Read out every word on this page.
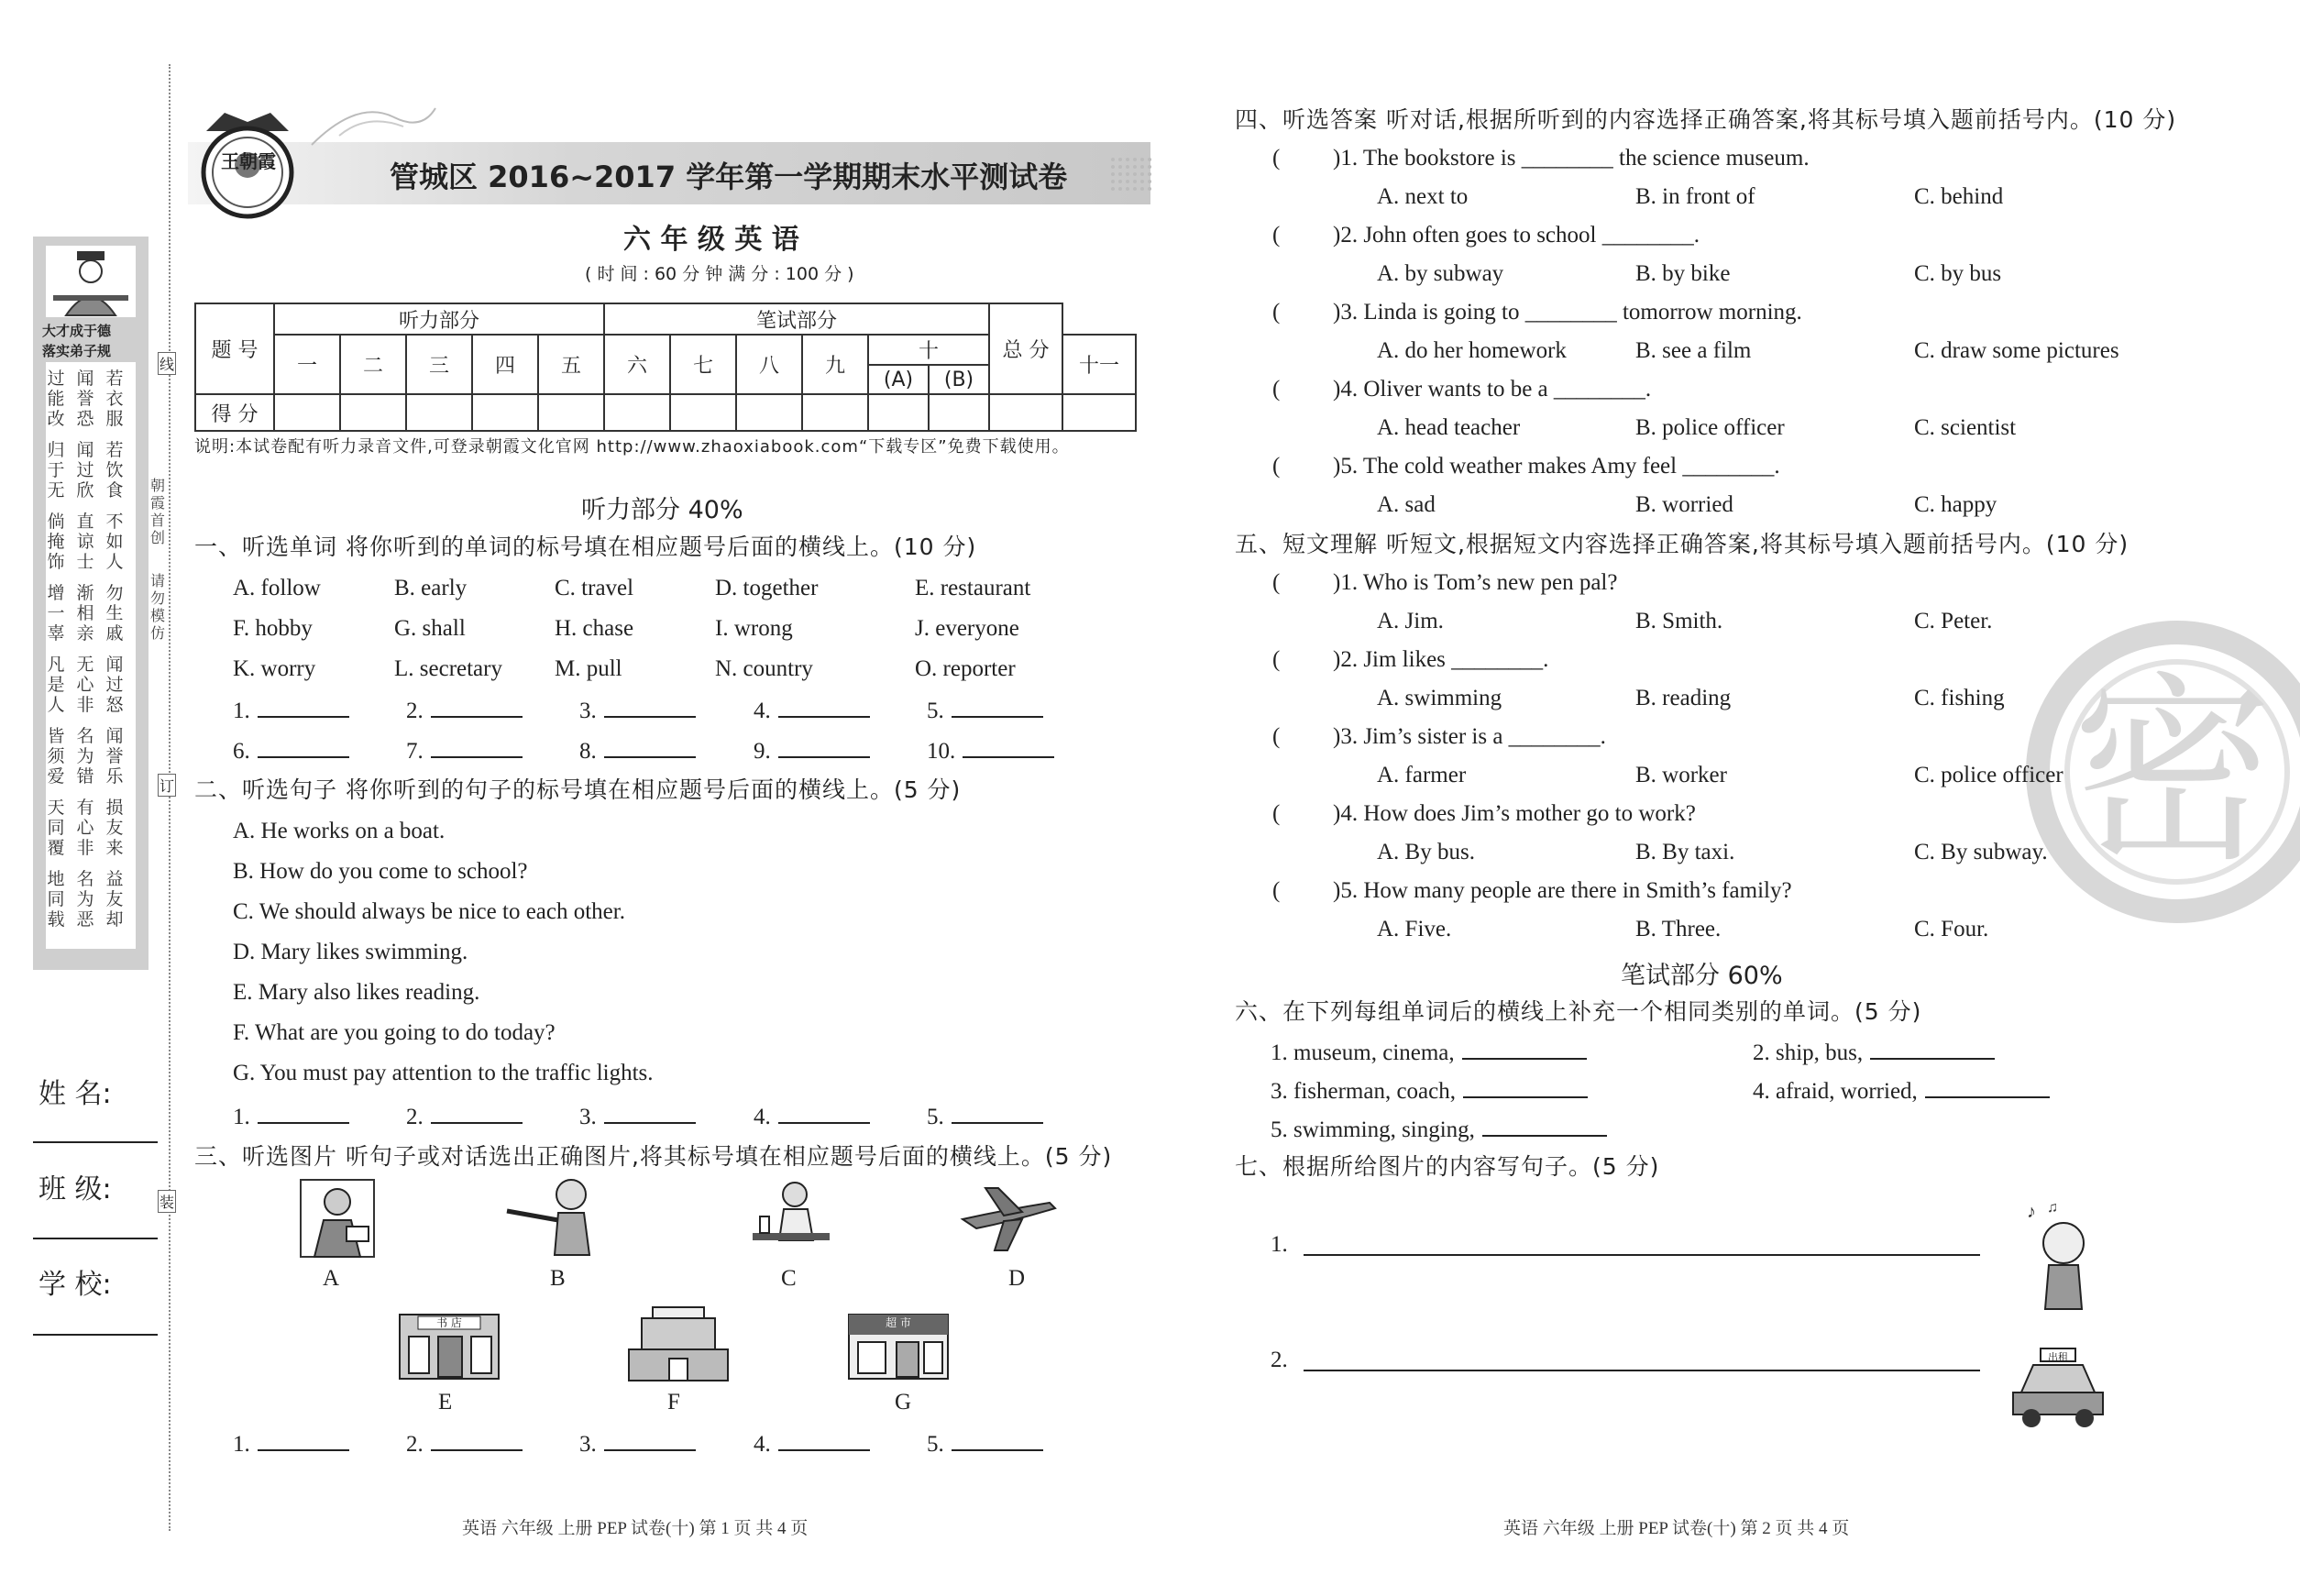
大才成于德
落实弟子规
过
能
改
闻
誉
恐
若
衣
服
归
于
无
闻
过
欣
若
饮
食
倘
掩
饰
直
谅
士
不
如
人
增
一
辜
渐
相
亲
勿
生
戚
凡
是
人
无
心
非
闻
过
怒
皆
须
爱
名
为
错
闻
誉
乐
天
同
覆
有
心
非
损
友
来
地
同
载
名
为
恶
益
友
却
姓 名:
班 级:
学 校:
线
订
装
朝霞首创
请勿模仿
王朝霞	管城区 2016~2017 学年第一学期期末水平测试卷
六 年 级 英 语
( 时 间 : 60 分 钟 满 分 : 100 分 )
题 号	听力部分					笔试部分						总 分	
	一	二	三	四	五	六	七	八	九	十			十一
										(A)	(B)		
得 分													
说明:本试卷配有听力录音文件,可登录朝霞文化官网 http://www.zhaoxiabook.com“下载专区”免费下载使用。
听力部分 40%
一、听选单词 将你听到的单词的标号填在相应题号后面的横线上。(10 分)
A. follow	B. early	C. travel	D. together	E. restaurant
F. hobby	G. shall	H. chase	I. wrong	J. everyone
K. worry	L. secretary M. pull	N. country	O. reporter
1.	2.	3.	4.	5.
6.	7.	8.	9.	10.
二、听选句子 将你听到的句子的标号填在相应题号后面的横线上。(5 分)
A. He works on a boat.
B. How do you come to school?
C. We should always be nice to each other.
D. Mary likes swimming.
E. Mary also likes reading.
F. What are you going to do today?
G. You must pay attention to the traffic lights.
1.	2.	3.	4.	5.
三、听选图片 听句子或对话选出正确图片,将其标号填在相应题号后面的横线上。(5 分)
A	B	C	D
书 店
E	F
超 市
G
1.	2.	3.	4.	5.
英语 六年级 上册 PEP 试卷(十) 第 1 页 共 4 页
密
四、听选答案 听对话,根据所听到的内容选择正确答案,将其标号填入题前括号内。(10 分)
( )1. The bookstore is ________ the science museum.
A. next to	B. in front of	C. behind
( )2. John often goes to school ________.
A. by subway	B. by bike	C. by bus
( )3. Linda is going to ________ tomorrow morning.
A. do her homework	B. see a film	C. draw some pictures
( )4. Oliver wants to be a ________.
A. head teacher	B. police officer	C. scientist
( )5. The cold weather makes Amy feel ________.
A. sad	B. worried	C. happy
五、短文理解 听短文,根据短文内容选择正确答案,将其标号填入题前括号内。(10 分)
( )1. Who is Tom’s new pen pal?
A. Jim.	B. Smith.	C. Peter.
( )2. Jim likes ________.
A. swimming	B. reading	C. fishing
( )3. Jim’s sister is a ________.
A. farmer	B. worker	C. police officer
( )4. How does Jim’s mother go to work?
A. By bus.	B. By taxi.	C. By subway.
( )5. How many people are there in Smith’s family?
A. Five.	B. Three.	C. Four.
笔试部分 60%
六、在下列每组单词后的横线上补充一个相同类别的单词。(5 分)
1. museum, cinema,	2. ship, bus,
3. fisherman, coach,	4. afraid, worried,
5. swimming, singing,
七、根据所给图片的内容写句子。(5 分)
1.
2.
♪ ♫
出租
英语 六年级 上册 PEP 试卷(十) 第 2 页 共 4 页
